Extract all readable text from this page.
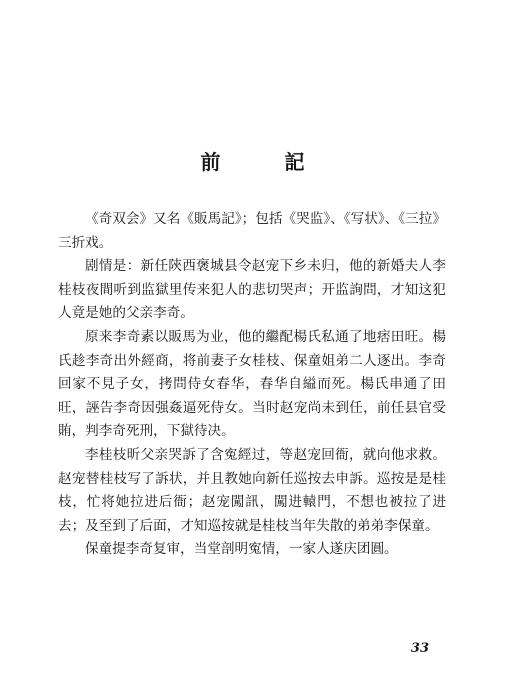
前　記

《奇双会》又名《販馬記》；包括《哭监》、《写状》、《三拉》三折戏。

剧情是：新任陝西褒城县令赵宠下乡未归，他的新婚夫人李桂枝夜間听到监獄里传来犯人的悲切哭声；开监詢問，才知这犯人竟是她的父亲李奇。

原来李奇素以販馬为业，他的繼配楊氏私通了地痞田旺。楊氏趁李奇出外經商，将前妻子女桂枝、保童姐弟二人逐出。李奇回家不見子女，拷問侍女春华，春华自縊而死。楊氏串通了田旺，誣告李奇因强姦逼死侍女。当时赵宠尚未到任，前任县官受賄，判李奇死刑，下獄待决。

李桂枝昕父亲哭訴了含寃經过，等赵宠回衙，就向他求救。赵宠替桂枝写了訴状，并且教她向新任巡按去申訴。巡按是是桂枝，忙将她拉进后衙；赵宠闖訊，闖进轅門，不想也被拉了进去；及至到了后面，才知巡按就是桂枝当年失散的弟弟李保童。

保童提李奇复审，当堂剖明寃情，一家人遂庆团圓。

33
